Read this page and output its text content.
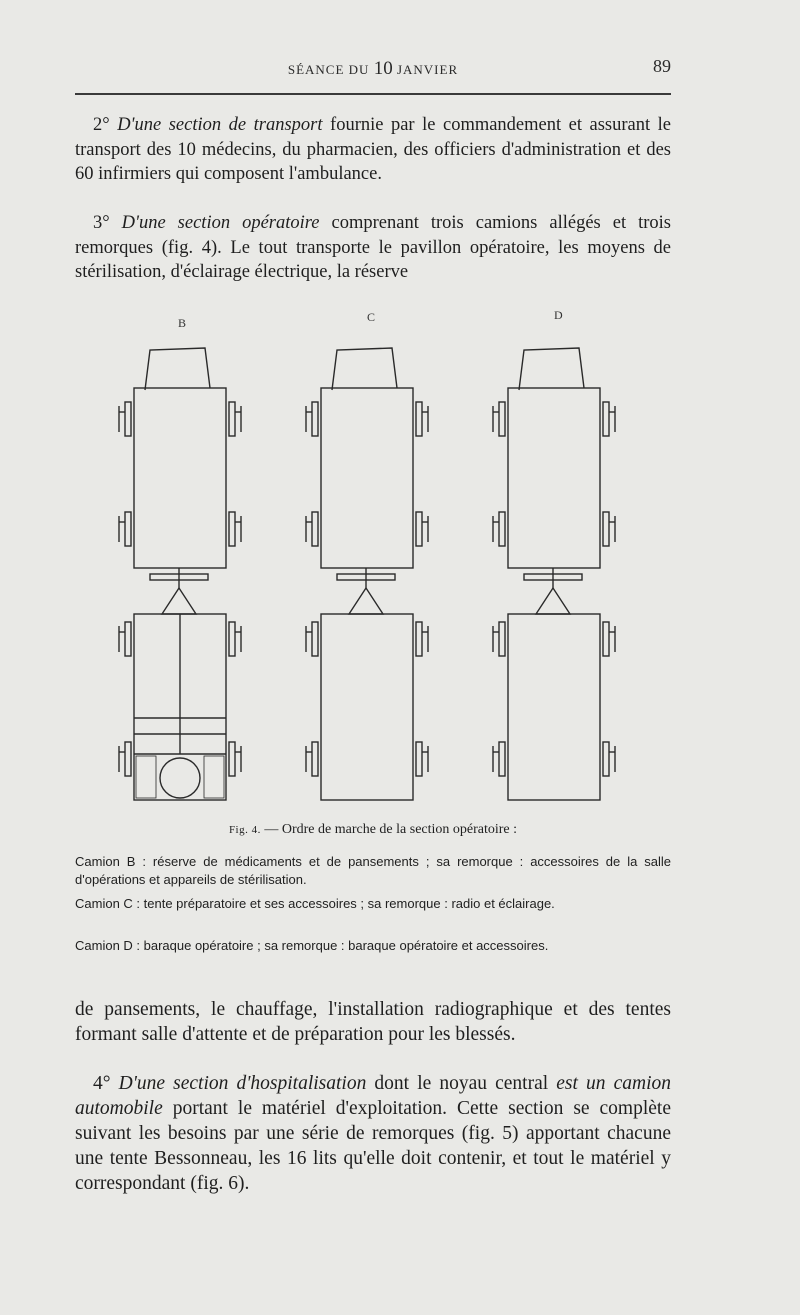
SÉANCE DU 10 JANVIER	89

2° D'une section de transport fournie par le commandement et assurant le transport des 10 médecins, du pharmacien, des officiers d'administration et des 60 infirmiers qui composent l'ambulance.

3° D'une section opératoire comprenant trois camions allégés et trois remorques (fig. 4). Le tout transporte le pavillon opératoire, les moyens de stérilisation, d'éclairage électrique, la réserve

B	C	D
Fig. 4. — Ordre de marche de la section opératoire :

Camion B : réserve de médicaments et de pansements ; sa remorque : accessoires de la salle d'opérations et appareils de stérilisation.

Camion C : tente préparatoire et ses accessoires ; sa remorque : radio et éclairage.

Camion D : baraque opératoire ; sa remorque : baraque opératoire et accessoires.

de pansements, le chauffage, l'installation radiographique et des tentes formant salle d'attente et de préparation pour les blessés.

4° D'une section d'hospitalisation dont le noyau central est un camion automobile portant le matériel d'exploitation. Cette section se complète suivant les besoins par une série de remorques (fig. 5) apportant chacune une tente Bessonneau, les 16 lits qu'elle doit contenir, et tout le matériel y correspondant (fig. 6).
